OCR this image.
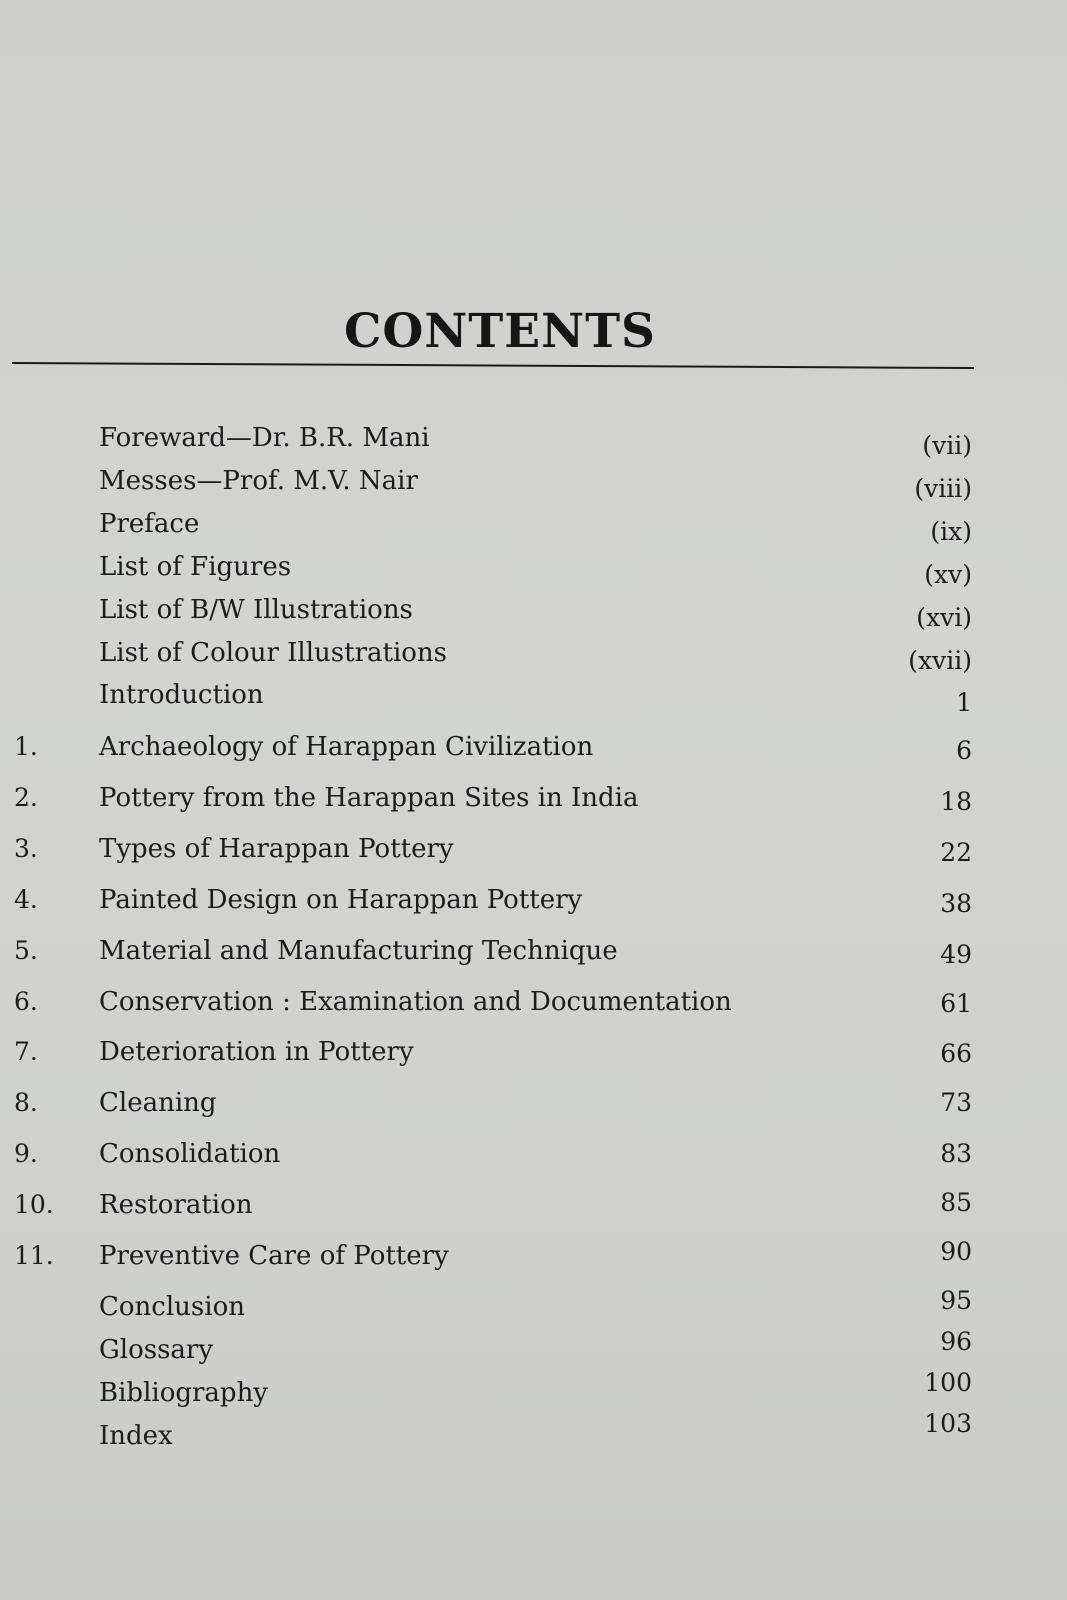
CONTENTS
Foreward—Dr. B.R. Mani	(vii)
Messes—Prof. M.V. Nair	(viii)
Preface	(ix)
List of Figures	(xv)
List of B/W Illustrations	(xvi)
List of Colour Illustrations	(xvii)
Introduction	1
1. Archaeology of Harappan Civilization	6
2. Pottery from the Harappan Sites in India	18
3. Types of Harappan Pottery	22
4. Painted Design on Harappan Pottery	38
5. Material and Manufacturing Technique	49
6. Conservation : Examination and Documentation	61
7. Deterioration in Pottery	66
8. Cleaning	73
9. Consolidation	83
10. Restoration	85
11. Preventive Care of Pottery	90
Conclusion	95
Glossary	96
Bibliography	100
Index	103
